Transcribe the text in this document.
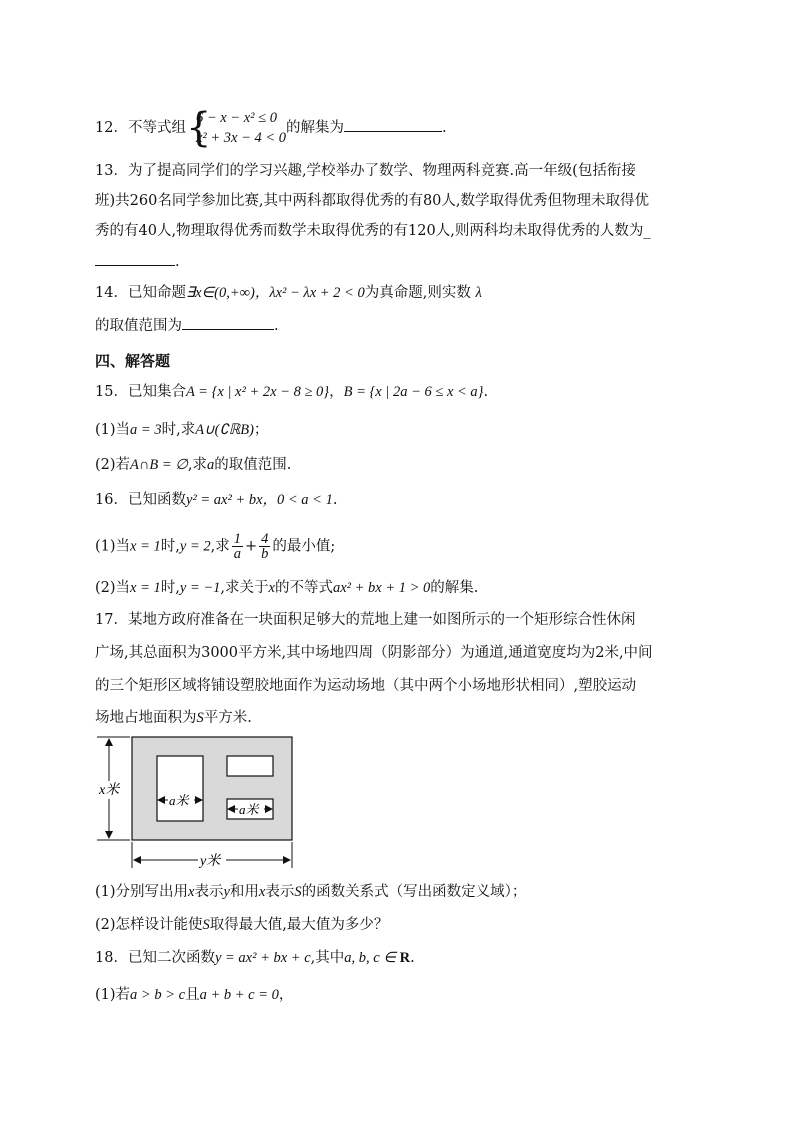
12．不等式组 {
6 − x − x² ≤ 0
x² + 3x − 4 < 0
的解集为	.
13．为了提高同学们的学习兴趣,学校举办了数学、物理两科竞赛.高一年级(包括衔接
班)共260名同学参加比赛,其中两科都取得优秀的有80人,数学取得优秀但物理未取得优
秀的有40人,物理取得优秀而数学未取得优秀的有120人,则两科均未取得优秀的人数为_
.
14．已知命题∃x∈(0,+∞)，λx² − λx + 2 < 0为真命题,则实数 λ
的取值范围为	.
四、解答题
15．已知集合A = {x | x² + 2x − 8 ≥ 0}，B = {x | 2a − 6 ≤ x < a}.
(1)当a = 3时,求A∪(∁ℝB)；
(2)若A∩B = ∅,求a的取值范围.
16．已知函数y² = ax² + bx，0 < a < 1.
(1)当x = 1时,y = 2,求 $\frac{1}{a} + \frac{4}{b}$ 的最小值;
(2)当x = 1时,y = −1,求关于x的不等式ax² + bx + 1 > 0的解集.
17．某地方政府准备在一块面积足够大的荒地上建一如图所示的一个矩形综合性休闲
广场,其总面积为3000平方米,其中场地四周（阴影部分）为通道,通道宽度均为2米,中间
的三个矩形区域将铺设塑胶地面作为运动场地（其中两个小场地形状相同）,塑胶运动
场地占地面积为S平方米.
x米
y米
a米
a米
(1)分别写出用x表示y和用x表示S的函数关系式（写出函数定义域）；
(2)怎样设计能使S取得最大值,最大值为多少？
18．已知二次函数y = ax² + bx + c,其中a, b, c ∈ R.
(1)若a > b > c且a + b + c = 0，
